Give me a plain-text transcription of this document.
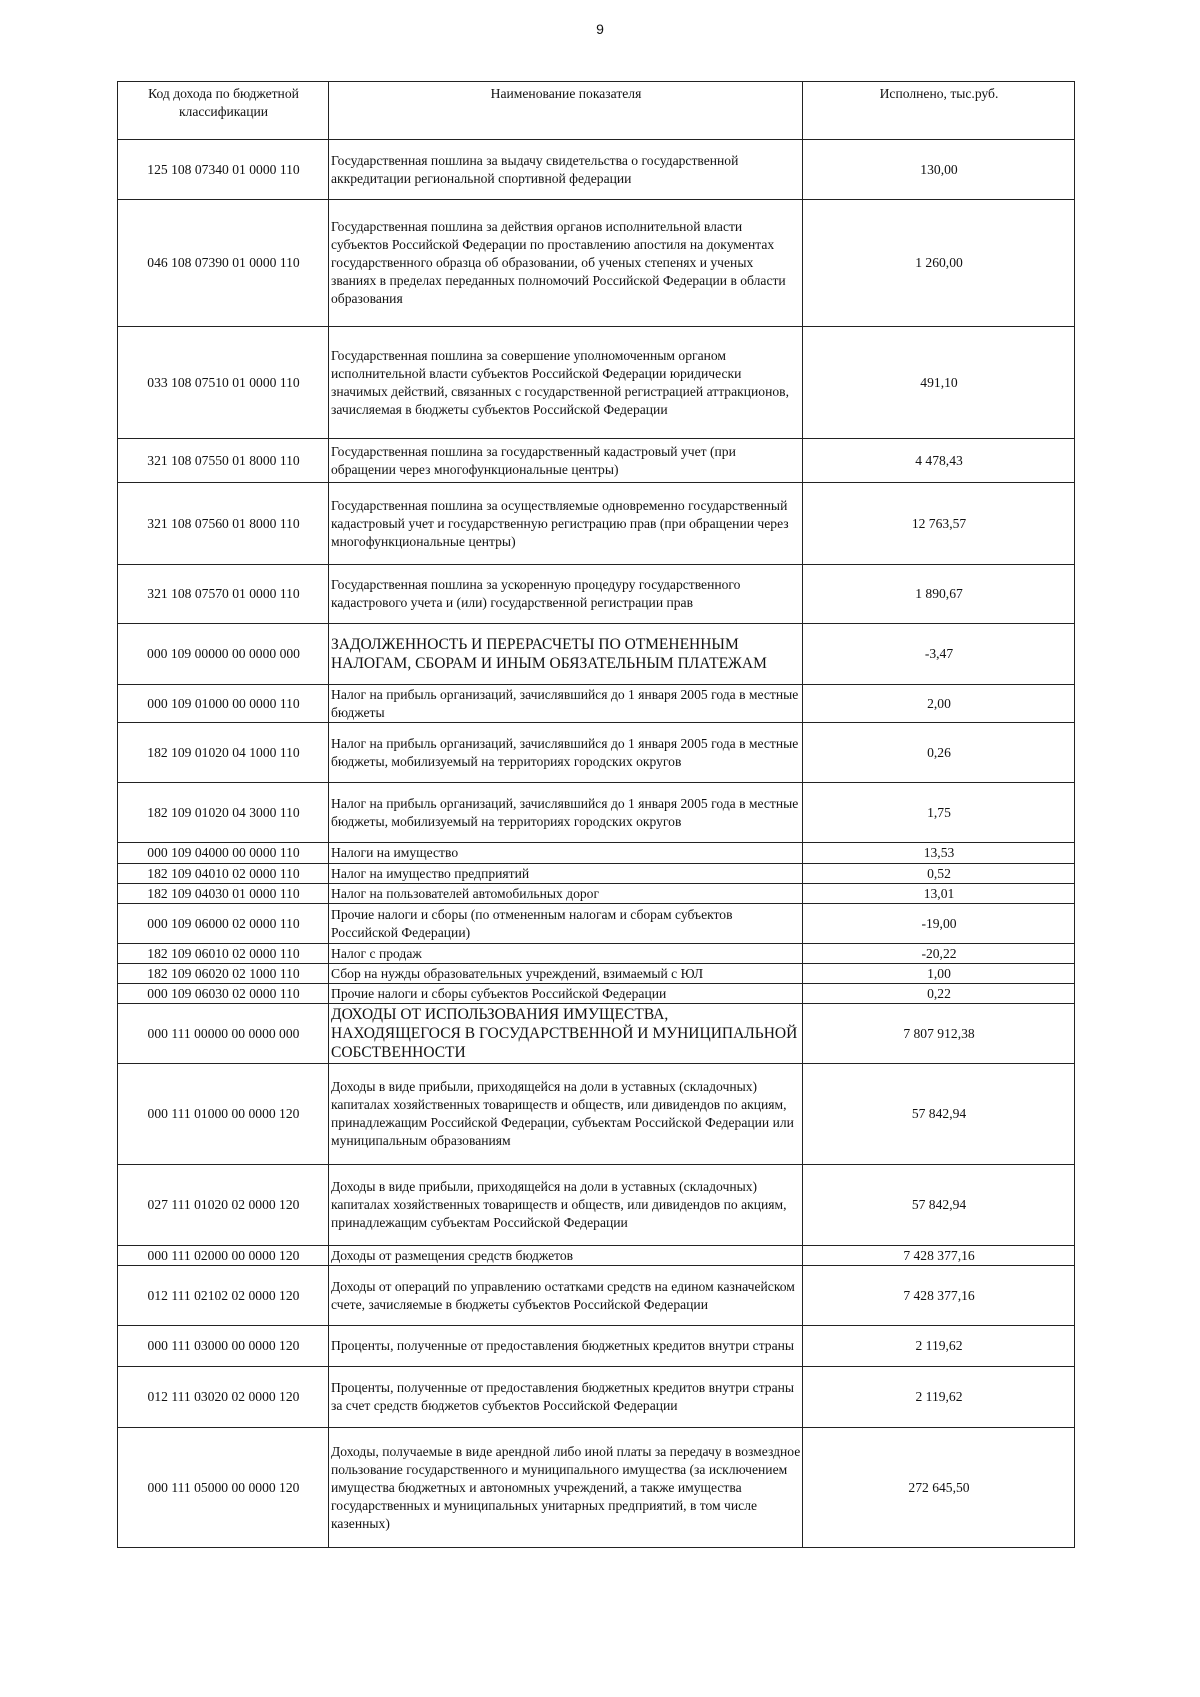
9
Код дохода по бюджетной классификации	Наименование показателя	Исполнено, тыс.руб.
125 108 07340 01 0000 110	Государственная пошлина за выдачу свидетельства о государственной аккредитации региональной спортивной федерации	130,00
046 108 07390 01 0000 110	Государственная пошлина за действия органов исполнительной власти субъектов Российской Федерации по проставлению апостиля на документах государственного образца об образовании, об ученых степенях и ученых званиях в пределах переданных полномочий Российской Федерации в области образования	1 260,00
033 108 07510 01 0000 110	Государственная пошлина за совершение уполномоченным органом исполнительной власти субъектов Российской Федерации юридически значимых действий, связанных с государственной регистрацией аттракционов, зачисляемая в бюджеты субъектов Российской Федерации	491,10
321 108 07550 01 8000 110	Государственная пошлина за государственный кадастровый учет (при обращении через многофункциональные центры)	4 478,43
321 108 07560 01 8000 110	Государственная пошлина за осуществляемые одновременно государственный кадастровый учет и государственную регистрацию прав (при обращении через многофункциональные центры)	12 763,57
321 108 07570 01 0000 110	Государственная пошлина за ускоренную процедуру государственного кадастрового учета и (или) государственной регистрации прав	1 890,67
000 109 00000 00 0000 000	ЗАДОЛЖЕННОСТЬ И ПЕРЕРАСЧЕТЫ ПО ОТМЕНЕННЫМ НАЛОГАМ, СБОРАМ И ИНЫМ ОБЯЗАТЕЛЬНЫМ ПЛАТЕЖАМ	-3,47
000 109 01000 00 0000 110	Налог на прибыль организаций, зачислявшийся до 1 января 2005 года в местные бюджеты	2,00
182 109 01020 04 1000 110	Налог на прибыль организаций, зачислявшийся до 1 января 2005 года в местные бюджеты, мобилизуемый на территориях городских округов	0,26
182 109 01020 04 3000 110	Налог на прибыль организаций, зачислявшийся до 1 января 2005 года в местные бюджеты, мобилизуемый на территориях городских округов	1,75
000 109 04000 00 0000 110	Налоги на имущество	13,53
182 109 04010 02 0000 110	Налог на имущество предприятий	0,52
182 109 04030 01 0000 110	Налог на пользователей автомобильных дорог	13,01
000 109 06000 02 0000 110	Прочие налоги и сборы (по отмененным налогам и сборам субъектов Российской Федерации)	-19,00
182 109 06010 02 0000 110	Налог с продаж	-20,22
182 109 06020 02 1000 110	Сбор на нужды образовательных учреждений, взимаемый с ЮЛ	1,00
000 109 06030 02 0000 110	Прочие налоги и сборы субъектов Российской Федерации	0,22
000 111 00000 00 0000 000	ДОХОДЫ ОТ ИСПОЛЬЗОВАНИЯ ИМУЩЕСТВА, НАХОДЯЩЕГОСЯ В ГОСУДАРСТВЕННОЙ И МУНИЦИПАЛЬНОЙ СОБСТВЕННОСТИ	7 807 912,38
000 111 01000 00 0000 120	Доходы в виде прибыли, приходящейся на доли в уставных (складочных) капиталах хозяйственных товариществ и обществ, или дивидендов по акциям, принадлежащим Российской Федерации, субъектам Российской Федерации или муниципальным образованиям	57 842,94
027 111 01020 02 0000 120	Доходы в виде прибыли, приходящейся на доли в уставных (складочных) капиталах хозяйственных товариществ и обществ, или дивидендов по акциям, принадлежащим субъектам Российской Федерации	57 842,94
000 111 02000 00 0000 120	Доходы от размещения средств бюджетов	7 428 377,16
012 111 02102 02 0000 120	Доходы от операций по управлению остатками средств на едином казначейском счете, зачисляемые в бюджеты субъектов Российской Федерации	7 428 377,16
000 111 03000 00 0000 120	Проценты, полученные от предоставления бюджетных кредитов внутри страны	2 119,62
012 111 03020 02 0000 120	Проценты, полученные от предоставления бюджетных кредитов внутри страны за счет средств бюджетов субъектов Российской Федерации	2 119,62
000 111 05000 00 0000 120	Доходы, получаемые в виде арендной либо иной платы за передачу в возмездное пользование государственного и муниципального имущества (за исключением имущества бюджетных и автономных учреждений, а также имущества государственных и муниципальных унитарных предприятий, в том числе казенных)	272 645,50
